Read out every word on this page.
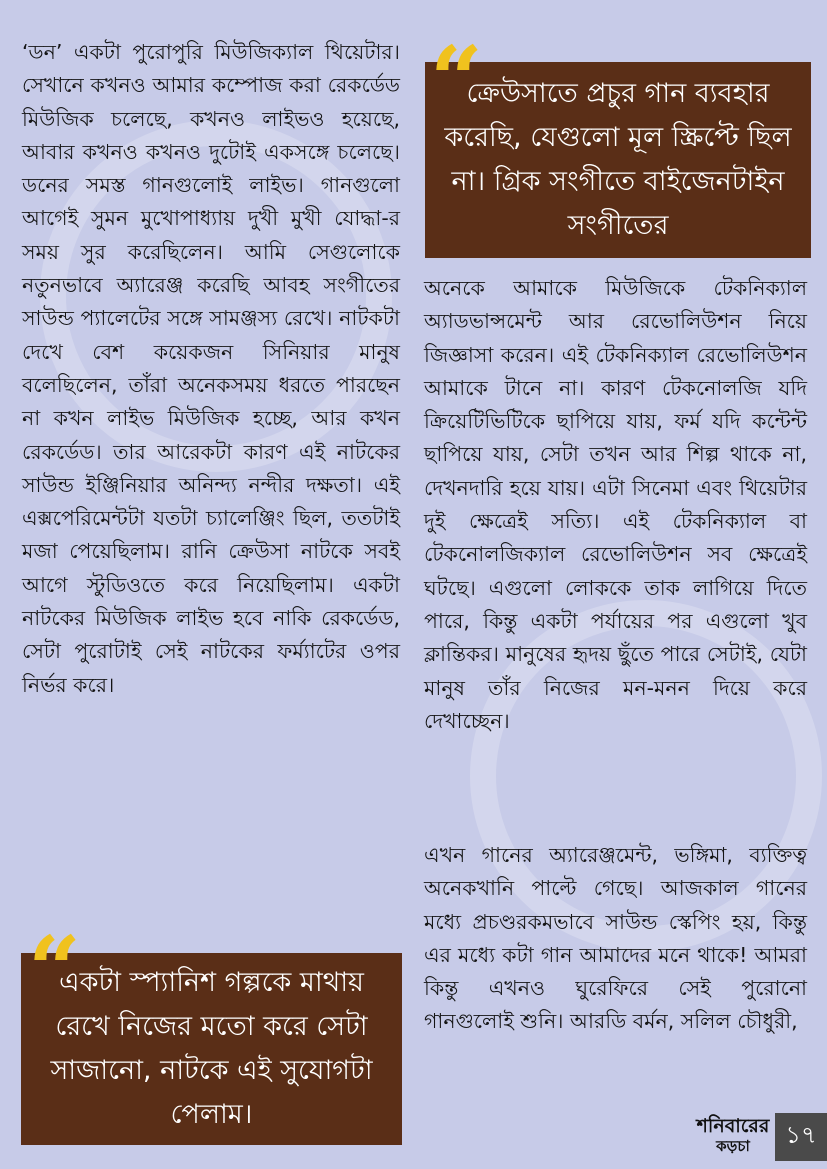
‘ডন’ একটা পুরোপুরি মিউজিক্যাল থিয়েটার। সেখানে কখনও আমার কম্পোজ করা রেকর্ডেড মিউজিক চলেছে, কখনও লাইভও হয়েছে, আবার কখনও কখনও দুটোই একসঙ্গে চলেছে। ডনের সমস্ত গানগুলোই লাইভ। গানগুলো আগেই সুমন মুখোপাধ্যায় দুখী মুখী যোদ্ধা-র সময় সুর করেছিলেন। আমি সেগুলোকে নতুনভাবে অ্যারেঞ্জ করেছি আবহ সংগীতের সাউন্ড প্যালেটের সঙ্গে সামঞ্জস্য রেখে। নাটকটা দেখে বেশ কয়েকজন সিনিয়ার মানুষ বলেছিলেন, তাঁরা অনেকসময় ধরতে পারছেন না কখন লাইভ মিউজিক হচ্ছে, আর কখন রেকর্ডেড। তার আরেকটা কারণ এই নাটকের সাউন্ড ইঞ্জিনিয়ার অনিন্দ্য নন্দীর দক্ষতা। এই এক্সপেরিমেন্টটা যতটা চ্যালেঞ্জিং ছিল, ততটাই মজা পেয়েছিলাম। রানি ক্রেউসা নাটকে সবই আগে স্টুডিওতে করে নিয়েছিলাম। একটা নাটকের মিউজিক লাইভ হবে নাকি রেকর্ডেড, সেটা পুরোটাই সেই নাটকের ফর্ম্যাটের ওপর নির্ভর করে।

ক্রেউসাতে প্রচুর গান ব্যবহার করেছি, যেগুলো মূল স্ক্রিপ্টে ছিল না। গ্রিক সংগীতে বাইজেনটাইন সংগীতের
“

অনেকে আমাকে মিউজিকে টেকনিক্যাল অ্যাডভান্সমেন্ট আর রেভোলিউশন নিয়ে জিজ্ঞাসা করেন। এই টেকনিক্যাল রেভোলিউশন আমাকে টানে না। কারণ টেকনোলজি যদি ক্রিয়েটিভিটিকে ছাপিয়ে যায়, ফর্ম যদি কন্টেন্ট ছাপিয়ে যায়, সেটা তখন আর শিল্প থাকে না, দেখনদারি হয়ে যায়। এটা সিনেমা এবং থিয়েটার দুই ক্ষেত্রেই সত্যি। এই টেকনিক্যাল বা টেকনোলজিক্যাল রেভোলিউশন সব ক্ষেত্রেই ঘটছে। এগুলো লোককে তাক লাগিয়ে দিতে পারে, কিন্তু একটা পর্যায়ের পর এগুলো খুব ক্লান্তিকর। মানুষের হৃদয় ছুঁতে পারে সেটাই, যেটা মানুষ তাঁর নিজের মন-মনন দিয়ে করে দেখাচ্ছেন।

এখন গানের অ্যারেঞ্জমেন্ট, ভঙ্গিমা, ব্যক্তিত্ব অনেকখানি পাল্টে গেছে। আজকাল গানের মধ্যে প্রচণ্ডরকমভাবে সাউন্ড স্কেপিং হয়, কিন্তু এর মধ্যে কটা গান আমাদের মনে থাকে! আমরা কিন্তু এখনও ঘুরেফিরে সেই পুরোনো গানগুলোই শুনি। আরডি বর্মন, সলিল চৌধুরী,

একটা স্প্যানিশ গল্পকে মাথায় রেখে নিজের মতো করে সেটা সাজানো, নাটকে এই সুযোগটা পেলাম।
“
শনিবারের
কড়চা	১৭
